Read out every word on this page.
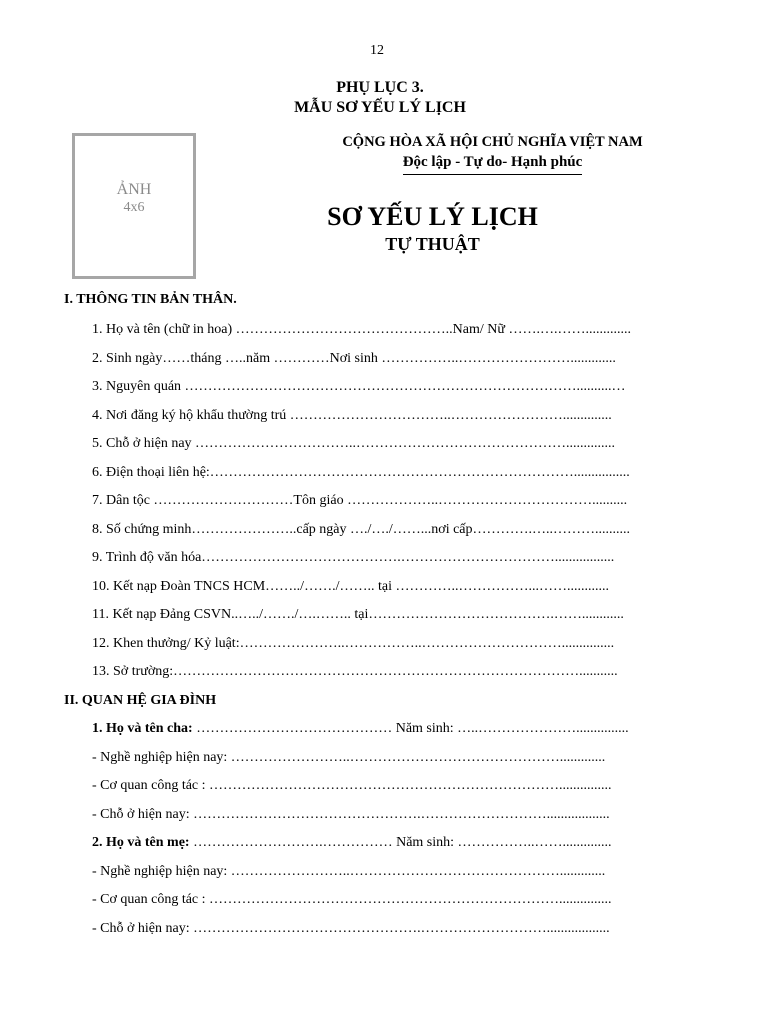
12
PHỤ LỤC 3.
MẪU SƠ YẾU LÝ LỊCH
ẢNH
4x6
CỘNG HÒA XÃ HỘI CHỦ NGHĨA VIỆT NAM
Độc lập - Tự do- Hạnh phúc
SƠ YẾU LÝ LỊCH
TỰ THUẬT
I. THÔNG TIN BẢN THÂN.
1. Họ và tên (chữ in hoa) ………………………………………..Nam/ Nữ …….….…….............
2. Sinh ngày……tháng …..năm …………Nơi sinh ……………..…………………….............
3. Nguyên quán …………………………………………………………………………..........…
4. Nơi đăng ký hộ khẩu thường trú ……………………………..……………………..............
5. Chỗ ở hiện nay ……………………………..………………………………………..............
6. Điện thoại liên hệ:……………………………………………………………………................
7. Dân tộc …………………………Tôn giáo ………………..……………………………..........
8. Số chứng minh…………………..cấp ngày …./…./……...nơi cấp………….…..………..........
9. Trình độ văn hóa…………………………………….…………………………….................
10. Kết nạp Đoàn TNCS HCM……../……./…….. tại …………..……………...……............
11. Kết nạp Đảng CSVN..…../……./….…….. tại………………………………….……............
12. Khen thưởng/ Kỷ luật:…………………..……………..…………………………...............
13. Sở trường:……………………………………………………………………………...........
II. QUAN HỆ GIA ĐÌNH
1. Họ và tên cha: …………………………………… Năm sinh: …..…………………...............
- Nghề nghiệp hiện nay: ……………………..……………………………………….............
- Cơ quan công tác : …………………………………………………………………...............
- Chỗ ở hiện nay: ………………………………………….………………………..................
2. Họ và tên mẹ: ……………………….…………… Năm sinh: ……………..……..............
- Nghề nghiệp hiện nay: ……………………..……………………………………….............
- Cơ quan công tác : …………………………………………………………………...............
- Chỗ ở hiện nay: ………………………………………….………………………..................
